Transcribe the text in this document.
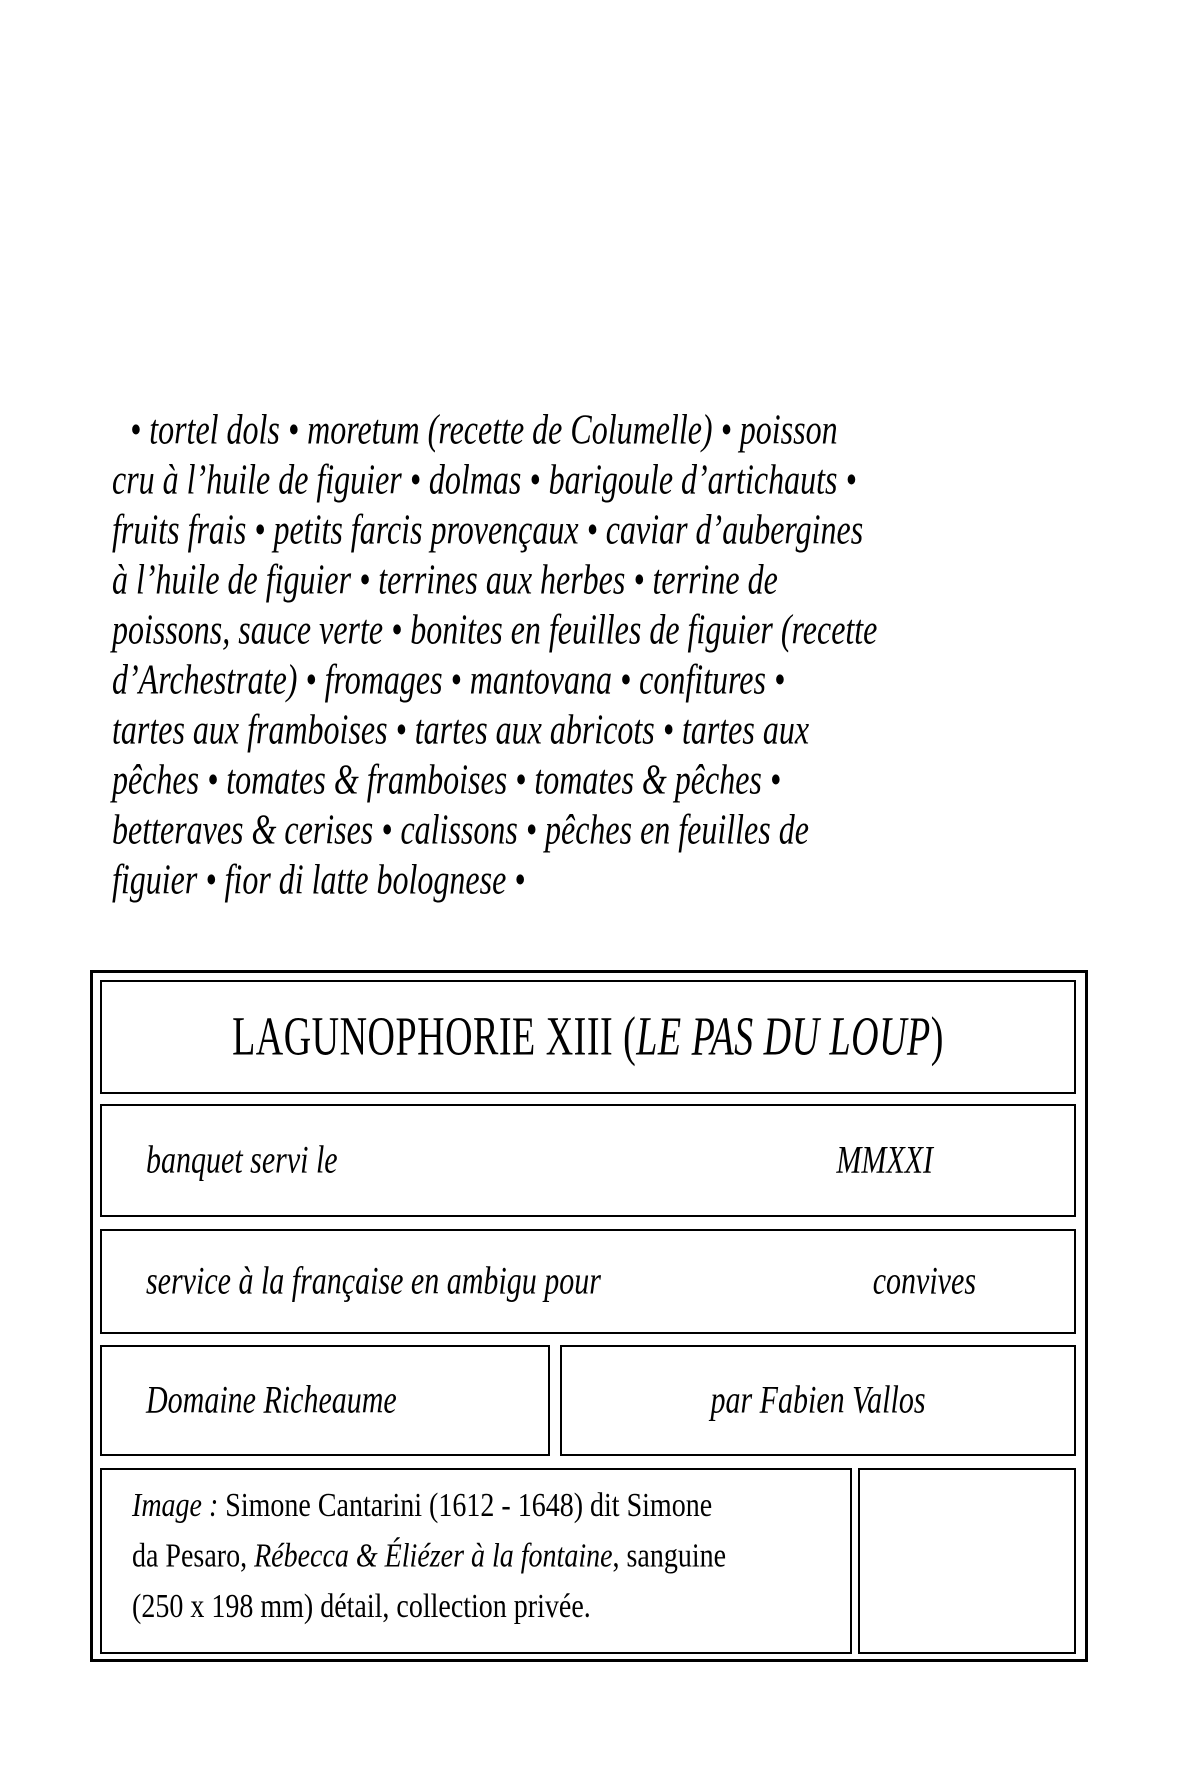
• tortel dols • moretum (recette de Columelle) • poisson
cru à l’huile de figuier • dolmas • barigoule d’artichauts •
fruits frais • petits farcis provençaux • caviar d’aubergines
à l’huile de figuier • terrines aux herbes • terrine de
poissons, sauce verte • bonites en feuilles de figuier (recette
d’Archestrate) • fromages • mantovana • confitures •
tartes aux framboises • tartes aux abricots • tartes aux
pêches • tomates & framboises • tomates & pêches •
betteraves & cerises • calissons • pêches en feuilles de
figuier • fior di latte bolognese •
LAGUNOPHORIE XIII (LE PAS DU LOUP)
banquet servi le	MMXXI
service à la française en ambigu pour	convives
Domaine Richeaume	par Fabien Vallos
Image : Simone Cantarini (1612 - 1648) dit Simone
da Pesaro, Rébecca & Éliézer à la fontaine, sanguine
(250 x 198 mm) détail, collection privée.
